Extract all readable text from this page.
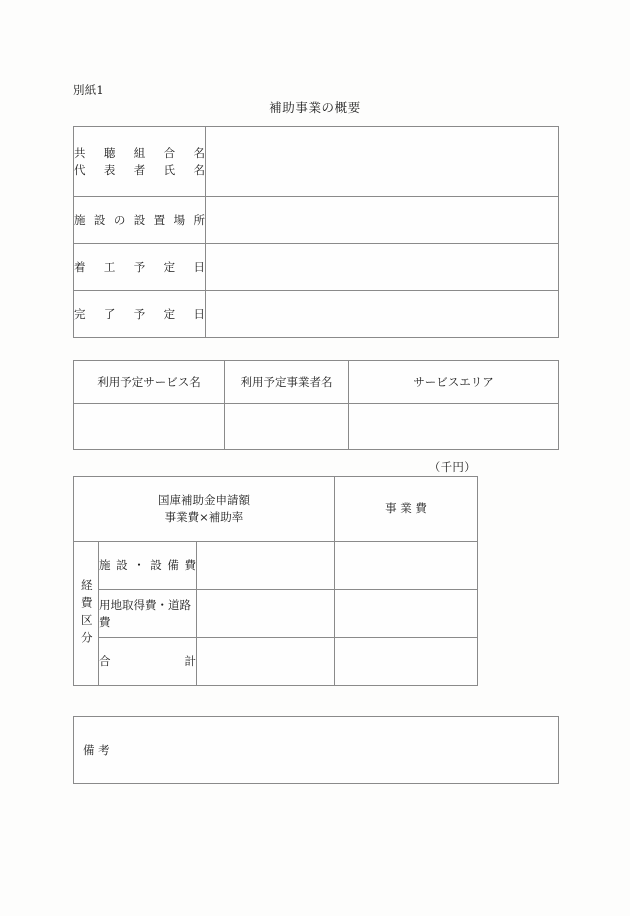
別紙1
補助事業の概要
共 聴 組 合 名
代 表 者 氏 名	

施 設 の 設 置 場 所	

着 工 予 定 日	

完 了 予 定 日	

利用予定サービス名	利用予定事業者名	サービスエリア

（千円）
国庫補助金申請額
事業費×補助率			事 業 費

経費区分	施 設 ・ 設 備 費		

	用地取得費・道路費		

	合 計		

備 考
